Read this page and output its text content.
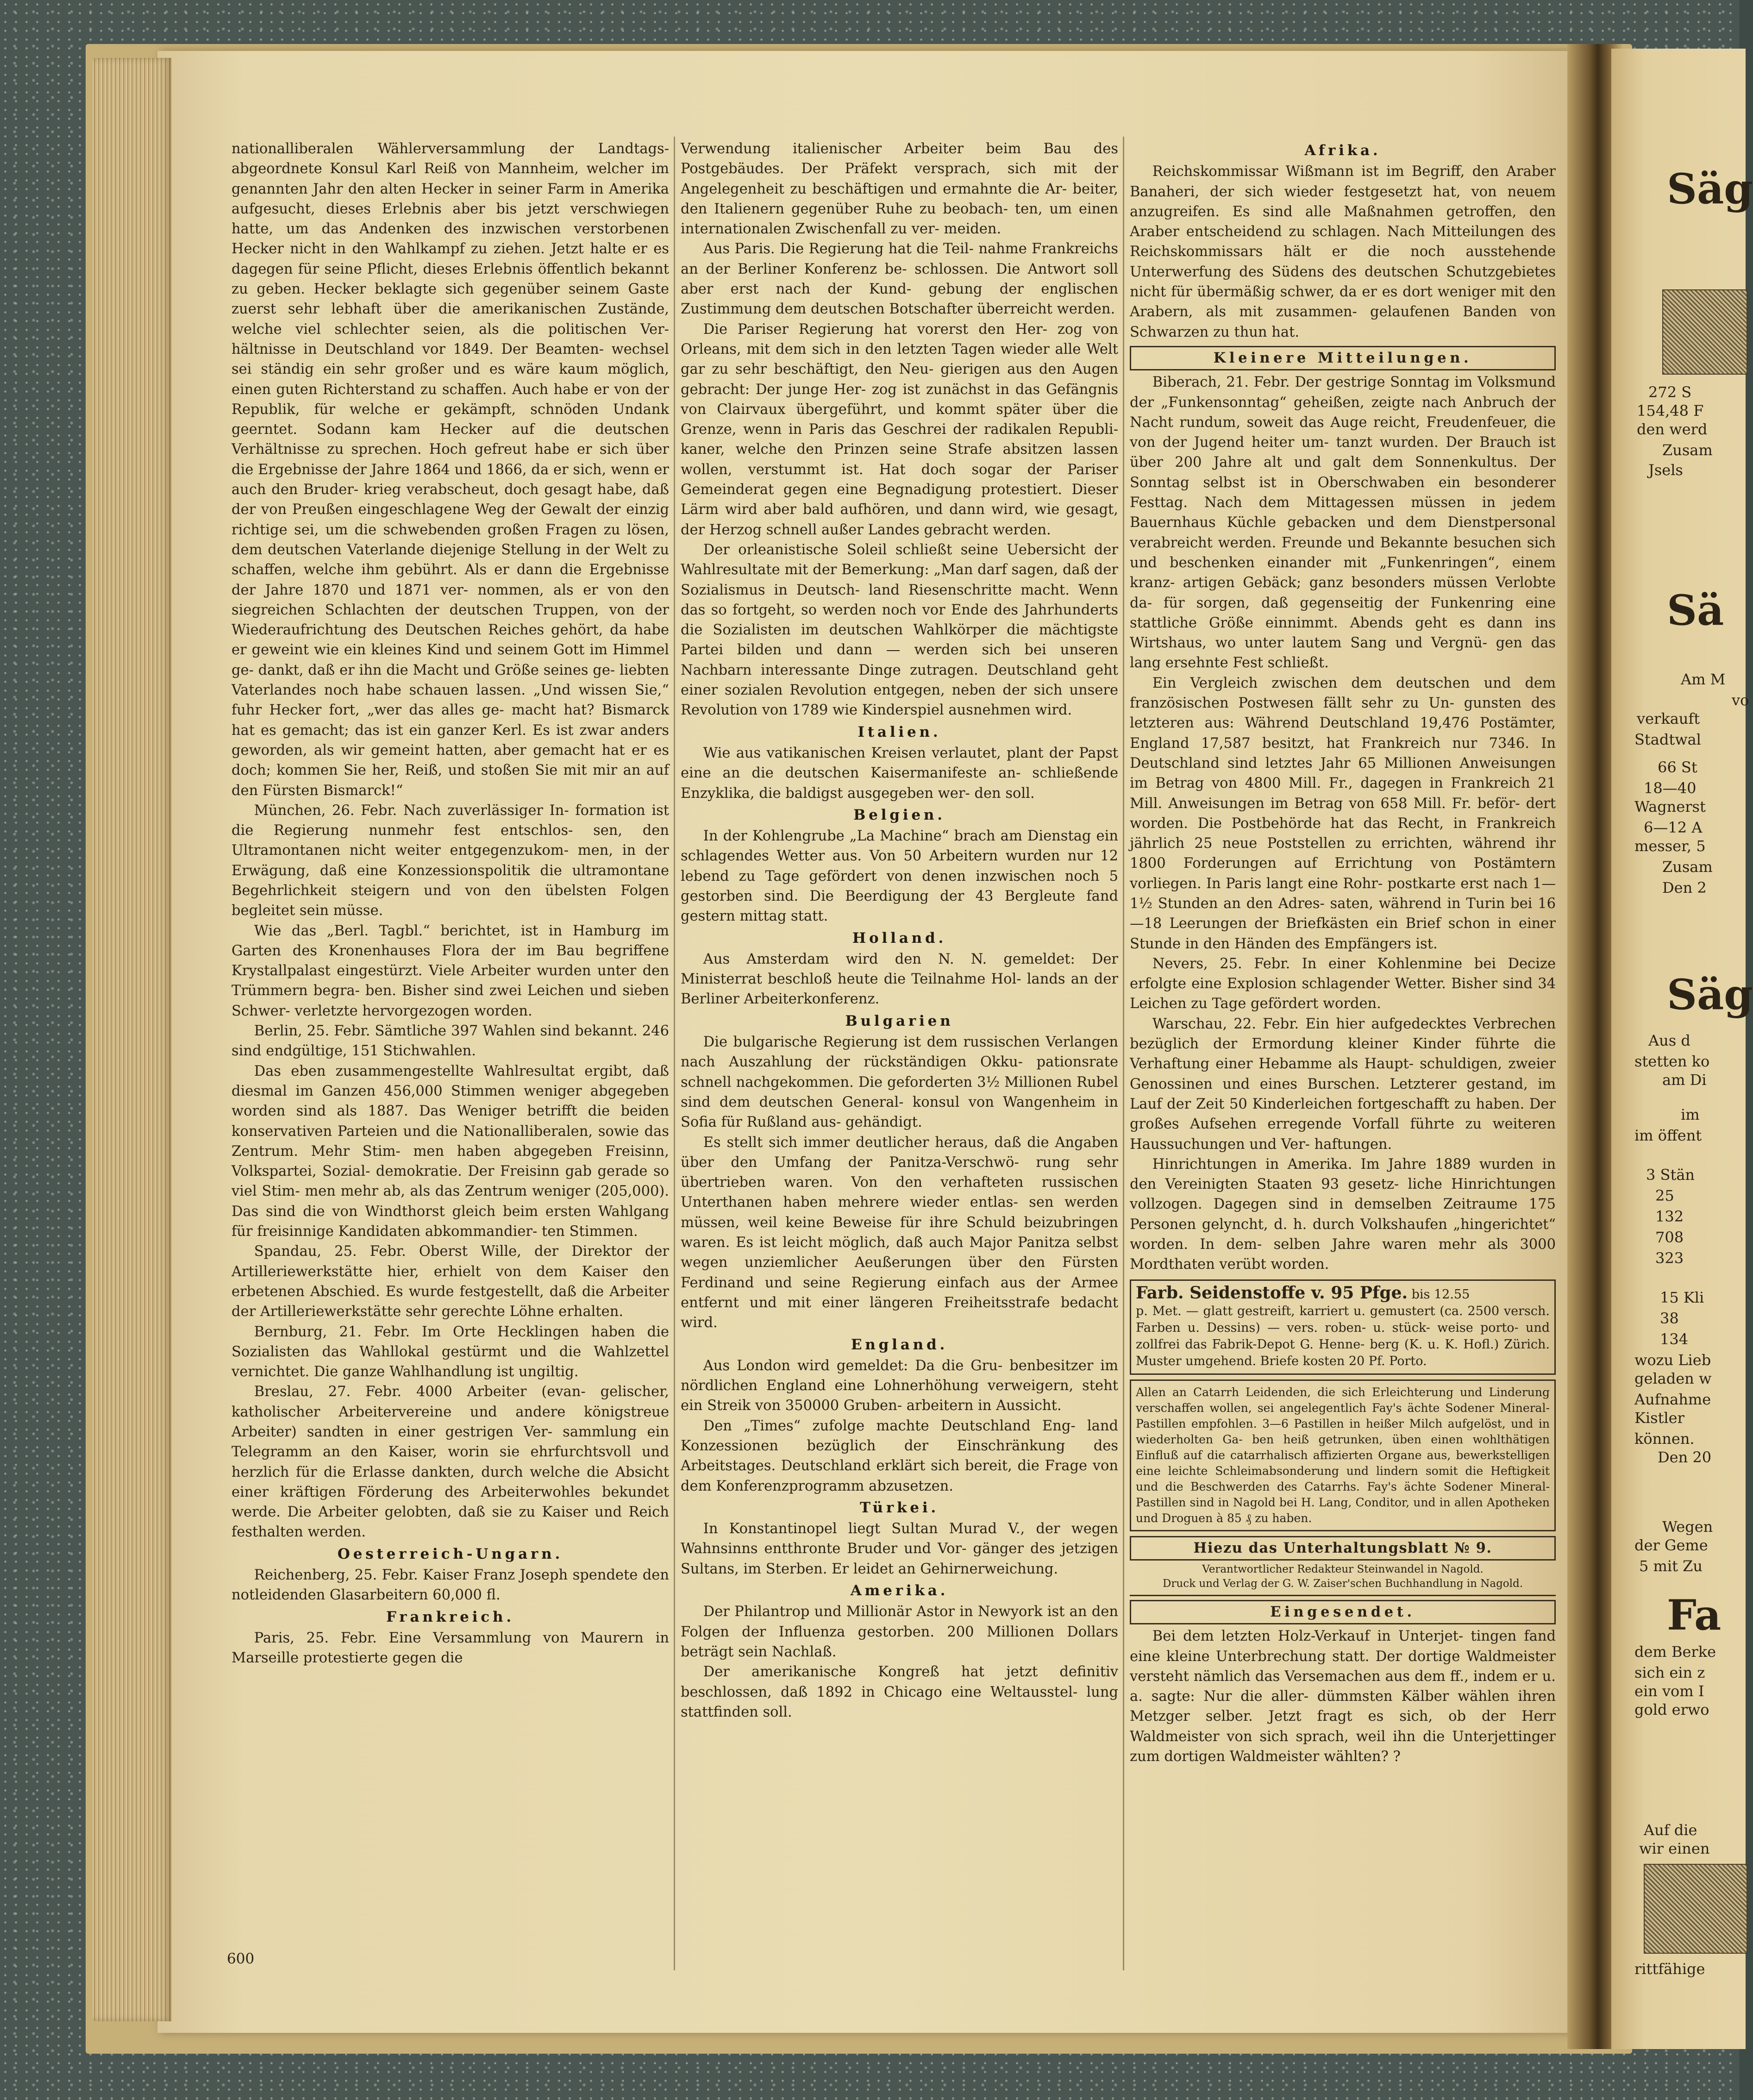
Säg
272 S
154,48 F
den werd
Zusam
Jsels
Sä
Am M
vo
verkauft
Stadtwal
66 St
18—40
Wagnerst
6—12 A
messer, 5
Zusam
Den 2
Säg
Aus d
stetten ko
am Di
im
im öffent
3 Stän
25
132
708
323
15 Kli
38
134
wozu Lieb
geladen w
Aufnahme
Kistler
können.
Den 20
Wegen
der Geme
5 mit Zu
Fa
dem Berke
sich ein z
ein vom I
gold erwo
Auf die
wir einen
rittfähige

nationalliberalen Wählerversammlung der Landtags- abgeordnete Konsul Karl Reiß von Mannheim, welcher im genannten Jahr den alten Hecker in seiner Farm in Amerika aufgesucht, dieses Erlebnis aber bis jetzt verschwiegen hatte, um das Andenken des inzwischen verstorbenen Hecker nicht in den Wahlkampf zu ziehen. Jetzt halte er es dagegen für seine Pflicht, dieses Erlebnis öffentlich bekannt zu geben. Hecker beklagte sich gegenüber seinem Gaste zuerst sehr lebhaft über die amerikanischen Zustände, welche viel schlechter seien, als die politischen Ver- hältnisse in Deutschland vor 1849. Der Beamten- wechsel sei ständig ein sehr großer und es wäre kaum möglich, einen guten Richterstand zu schaffen. Auch habe er von der Republik, für welche er gekämpft, schnöden Undank geerntet. Sodann kam Hecker auf die deutschen Verhältnisse zu sprechen. Hoch gefreut habe er sich über die Ergebnisse der Jahre 1864 und 1866, da er sich, wenn er auch den Bruder- krieg verabscheut, doch gesagt habe, daß der von Preußen eingeschlagene Weg der Gewalt der einzig richtige sei, um die schwebenden großen Fragen zu lösen, dem deutschen Vaterlande diejenige Stellung in der Welt zu schaffen, welche ihm gebührt. Als er dann die Ergebnisse der Jahre 1870 und 1871 ver- nommen, als er von den siegreichen Schlachten der deutschen Truppen, von der Wiederaufrichtung des Deutschen Reiches gehört, da habe er geweint wie ein kleines Kind und seinem Gott im Himmel ge- dankt, daß er ihn die Macht und Größe seines ge- liebten Vaterlandes noch habe schauen lassen. „Und wissen Sie,“ fuhr Hecker fort, „wer das alles ge- macht hat? Bismarck hat es gemacht; das ist ein ganzer Kerl. Es ist zwar anders geworden, als wir gemeint hatten, aber gemacht hat er es doch; kommen Sie her, Reiß, und stoßen Sie mit mir an auf den Fürsten Bismarck!“

München, 26. Febr. Nach zuverlässiger In- formation ist die Regierung nunmehr fest entschlos- sen, den Ultramontanen nicht weiter entgegenzukom- men, in der Erwägung, daß eine Konzessionspolitik die ultramontane Begehrlichkeit steigern und von den übelsten Folgen begleitet sein müsse.

Wie das „Berl. Tagbl.“ berichtet, ist in Hamburg im Garten des Kronenhauses Flora der im Bau begriffene Krystallpalast eingestürzt. Viele Arbeiter wurden unter den Trümmern begra- ben. Bisher sind zwei Leichen und sieben Schwer- verletzte hervorgezogen worden.

Berlin, 25. Febr. Sämtliche 397 Wahlen sind bekannt. 246 sind endgültige, 151 Stichwahlen.

Das eben zusammengestellte Wahlresultat ergibt, daß diesmal im Ganzen 456,000 Stimmen weniger abgegeben worden sind als 1887. Das Weniger betrifft die beiden konservativen Parteien und die Nationalliberalen, sowie das Zentrum. Mehr Stim- men haben abgegeben Freisinn, Volkspartei, Sozial- demokratie. Der Freisinn gab gerade so viel Stim- men mehr ab, als das Zentrum weniger (205,000). Das sind die von Windthorst gleich beim ersten Wahlgang für freisinnige Kandidaten abkommandier- ten Stimmen.

Spandau, 25. Febr. Oberst Wille, der Direktor der Artilleriewerkstätte hier, erhielt von dem Kaiser den erbetenen Abschied. Es wurde festgestellt, daß die Arbeiter der Artilleriewerkstätte sehr gerechte Löhne erhalten.

Bernburg, 21. Febr. Im Orte Hecklingen haben die Sozialisten das Wahllokal gestürmt und die Wahlzettel vernichtet. Die ganze Wahlhandlung ist ungiltig.

Breslau, 27. Febr. 4000 Arbeiter (evan- gelischer, katholischer Arbeitervereine und andere königstreue Arbeiter) sandten in einer gestrigen Ver- sammlung ein Telegramm an den Kaiser, worin sie ehrfurchtsvoll und herzlich für die Erlasse dankten, durch welche die Absicht einer kräftigen Förderung des Arbeiterwohles bekundet werde. Die Arbeiter gelobten, daß sie zu Kaiser und Reich festhalten werden.

Oesterreich-Ungarn.

Reichenberg, 25. Febr. Kaiser Franz Joseph spendete den notleidenden Glasarbeitern 60,000 fl.

Frankreich.

Paris, 25. Febr. Eine Versammlung von Maurern in Marseille protestierte gegen die

Verwendung italienischer Arbeiter beim Bau des Postgebäudes. Der Präfekt versprach, sich mit der Angelegenheit zu beschäftigen und ermahnte die Ar- beiter, den Italienern gegenüber Ruhe zu beobach- ten, um einen internationalen Zwischenfall zu ver- meiden.

Aus Paris. Die Regierung hat die Teil- nahme Frankreichs an der Berliner Konferenz be- schlossen. Die Antwort soll aber erst nach der Kund- gebung der englischen Zustimmung dem deutschen Botschafter überreicht werden.

Die Pariser Regierung hat vorerst den Her- zog von Orleans, mit dem sich in den letzten Tagen wieder alle Welt gar zu sehr beschäftigt, den Neu- gierigen aus den Augen gebracht: Der junge Her- zog ist zunächst in das Gefängnis von Clairvaux übergeführt, und kommt später über die Grenze, wenn in Paris das Geschrei der radikalen Republi- kaner, welche den Prinzen seine Strafe absitzen lassen wollen, verstummt ist. Hat doch sogar der Pariser Gemeinderat gegen eine Begnadigung protestiert. Dieser Lärm wird aber bald aufhören, und dann wird, wie gesagt, der Herzog schnell außer Landes gebracht werden.

Der orleanistische Soleil schließt seine Uebersicht der Wahlresultate mit der Bemerkung: „Man darf sagen, daß der Sozialismus in Deutsch- land Riesenschritte macht. Wenn das so fortgeht, so werden noch vor Ende des Jahrhunderts die Sozialisten im deutschen Wahlkörper die mächtigste Partei bilden und dann — werden sich bei unseren Nachbarn interessante Dinge zutragen. Deutschland geht einer sozialen Revolution entgegen, neben der sich unsere Revolution von 1789 wie Kinderspiel ausnehmen wird.

Italien.

Wie aus vatikanischen Kreisen verlautet, plant der Papst eine an die deutschen Kaisermanifeste an- schließende Enzyklika, die baldigst ausgegeben wer- den soll.

Belgien.

In der Kohlengrube „La Machine“ brach am Dienstag ein schlagendes Wetter aus. Von 50 Arbeitern wurden nur 12 lebend zu Tage gefördert von denen inzwischen noch 5 gestorben sind. Die Beerdigung der 43 Bergleute fand gestern mittag statt.

Holland.

Aus Amsterdam wird den N. N. gemeldet: Der Ministerrat beschloß heute die Teilnahme Hol- lands an der Berliner Arbeiterkonferenz.

Bulgarien

Die bulgarische Regierung ist dem russischen Verlangen nach Auszahlung der rückständigen Okku- pationsrate schnell nachgekommen. Die geforderten 3½ Millionen Rubel sind dem deutschen General- konsul von Wangenheim in Sofia für Rußland aus- gehändigt.

Es stellt sich immer deutlicher heraus, daß die Angaben über den Umfang der Panitza-Verschwö- rung sehr übertrieben waren. Von den verhafteten russischen Unterthanen haben mehrere wieder entlas- sen werden müssen, weil keine Beweise für ihre Schuld beizubringen waren. Es ist leicht möglich, daß auch Major Panitza selbst wegen unziemlicher Aeußerungen über den Fürsten Ferdinand und seine Regierung einfach aus der Armee entfernt und mit einer längeren Freiheitsstrafe bedacht wird.

England.

Aus London wird gemeldet: Da die Gru- benbesitzer im nördlichen England eine Lohnerhöhung verweigern, steht ein Streik von 350000 Gruben- arbeitern in Aussicht.

Den „Times“ zufolge machte Deutschland Eng- land Konzessionen bezüglich der Einschränkung des Arbeitstages. Deutschland erklärt sich bereit, die Frage von dem Konferenzprogramm abzusetzen.

Türkei.

In Konstantinopel liegt Sultan Murad V., der wegen Wahnsinns entthronte Bruder und Vor- gänger des jetzigen Sultans, im Sterben. Er leidet an Gehirnerweichung.

Amerika.

Der Philantrop und Millionär Astor in Newyork ist an den Folgen der Influenza gestorben. 200 Millionen Dollars beträgt sein Nachlaß.

Der amerikanische Kongreß hat jetzt definitiv beschlossen, daß 1892 in Chicago eine Weltausstel- lung stattfinden soll.

Afrika.

Reichskommissar Wißmann ist im Begriff, den Araber Banaheri, der sich wieder festgesetzt hat, von neuem anzugreifen. Es sind alle Maßnahmen getroffen, den Araber entscheidend zu schlagen. Nach Mitteilungen des Reichskommissars hält er die noch ausstehende Unterwerfung des Südens des deutschen Schutzgebietes nicht für übermäßig schwer, da er es dort weniger mit den Arabern, als mit zusammen- gelaufenen Banden von Schwarzen zu thun hat.

Kleinere Mitteilungen.

Biberach, 21. Febr. Der gestrige Sonntag im Volksmund der „Funkensonntag“ geheißen, zeigte nach Anbruch der Nacht rundum, soweit das Auge reicht, Freudenfeuer, die von der Jugend heiter um- tanzt wurden. Der Brauch ist über 200 Jahre alt und galt dem Sonnenkultus. Der Sonntag selbst ist in Oberschwaben ein besonderer Festtag. Nach dem Mittagessen müssen in jedem Bauernhaus Küchle gebacken und dem Dienstpersonal verabreicht werden. Freunde und Bekannte besuchen sich und beschenken einander mit „Funkenringen“, einem kranz- artigen Gebäck; ganz besonders müssen Verlobte da- für sorgen, daß gegenseitig der Funkenring eine stattliche Größe einnimmt. Abends geht es dann ins Wirtshaus, wo unter lautem Sang und Vergnü- gen das lang ersehnte Fest schließt.

Ein Vergleich zwischen dem deutschen und dem französischen Postwesen fällt sehr zu Un- gunsten des letzteren aus: Während Deutschland 19,476 Postämter, England 17,587 besitzt, hat Frankreich nur 7346. In Deutschland sind letztes Jahr 65 Millionen Anweisungen im Betrag von 4800 Mill. Fr., dagegen in Frankreich 21 Mill. Anweisungen im Betrag von 658 Mill. Fr. beför- dert worden. Die Postbehörde hat das Recht, in Frankreich jährlich 25 neue Poststellen zu errichten, während ihr 1800 Forderungen auf Errichtung von Postämtern vorliegen. In Paris langt eine Rohr- postkarte erst nach 1—1½ Stunden an den Adres- saten, während in Turin bei 16—18 Leerungen der Briefkästen ein Brief schon in einer Stunde in den Händen des Empfängers ist.

Nevers, 25. Febr. In einer Kohlenmine bei Decize erfolgte eine Explosion schlagender Wetter. Bisher sind 34 Leichen zu Tage gefördert worden.

Warschau, 22. Febr. Ein hier aufgedecktes Verbrechen bezüglich der Ermordung kleiner Kinder führte die Verhaftung einer Hebamme als Haupt- schuldigen, zweier Genossinen und eines Burschen. Letzterer gestand, im Lauf der Zeit 50 Kinderleichen fortgeschafft zu haben. Der großes Aufsehen erregende Vorfall führte zu weiteren Haussuchungen und Ver- haftungen.

Hinrichtungen in Amerika. Im Jahre 1889 wurden in den Vereinigten Staaten 93 gesetz- liche Hinrichtungen vollzogen. Dagegen sind in demselben Zeitraume 175 Personen gelyncht, d. h. durch Volkshaufen „hingerichtet“ worden. In dem- selben Jahre waren mehr als 3000 Mordthaten verübt worden.

Farb. Seidenstoffe v. 95 Pfge. bis 12.55
p. Met. — glatt gestreift, karriert u. gemustert (ca. 2500 versch. Farben u. Dessins) — vers. roben- u. stück- weise porto- und zollfrei das Fabrik-Depot G. Henne- berg (K. u. K. Hofl.) Zürich. Muster umgehend. Briefe kosten 20 Pf. Porto.
Allen an Catarrh Leidenden, die sich Erleichterung und Linderung verschaffen wollen, sei angelegentlich Fay's ächte Sodener Mineral-Pastillen empfohlen. 3—6 Pastillen in heißer Milch aufgelöst, und in wiederholten Ga- ben heiß getrunken, üben einen wohlthätigen Einfluß auf die catarrhalisch affizierten Organe aus, bewerkstelligen eine leichte Schleimabsonderung und lindern somit die Heftigkeit und die Beschwerden des Catarrhs. Fay's ächte Sodener Mineral-Pastillen sind in Nagold bei H. Lang, Conditor, und in allen Apotheken und Droguen à 85 ₰ zu haben.
Hiezu das Unterhaltungsblatt № 9.
Verantwortlicher Redakteur Steinwandel in Nagold.
Druck und Verlag der G. W. Zaiser'schen Buchhandlung in Nagold.
Eingesendet.

Bei dem letzten Holz-Verkauf in Unterjet- tingen fand eine kleine Unterbrechung statt. Der dortige Waldmeister versteht nämlich das Versemachen aus dem ff., indem er u. a. sagte: Nur die aller- dümmsten Kälber wählen ihren Metzger selber. Jetzt fragt es sich, ob der Herr Waldmeister von sich sprach, weil ihn die Unterjettinger zum dortigen Waldmeister wählten? ?

600
